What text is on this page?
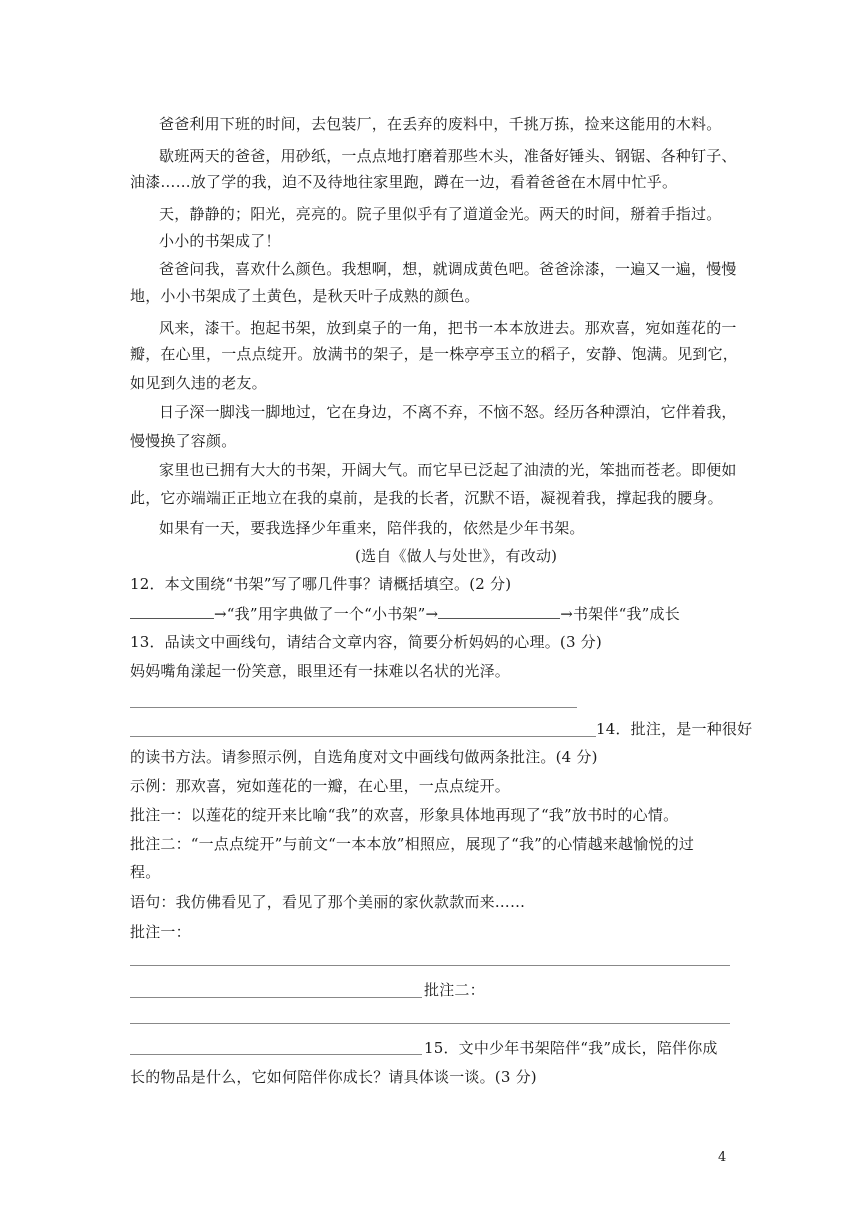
爸爸利用下班的时间，去包装厂，在丢弃的废料中，千挑万拣，捡来这能用的木料。
歇班两天的爸爸，用砂纸，一点点地打磨着那些木头，准备好锤头、钢锯、各种钉子、
油漆……放了学的我，迫不及待地往家里跑，蹲在一边，看着爸爸在木屑中忙乎。
天，静静的；阳光，亮亮的。院子里似乎有了道道金光。两天的时间，掰着手指过。
小小的书架成了！
爸爸问我，喜欢什么颜色。我想啊，想，就调成黄色吧。爸爸涂漆，一遍又一遍，慢慢
地，小小书架成了土黄色，是秋天叶子成熟的颜色。
风来，漆干。抱起书架，放到桌子的一角，把书一本本放进去。那欢喜，宛如莲花的一
瓣，在心里，一点点绽开。放满书的架子，是一株亭亭玉立的稻子，安静、饱满。见到它，
如见到久违的老友。
日子深一脚浅一脚地过，它在身边，不离不弃，不恼不怒。经历各种漂泊，它伴着我，
慢慢换了容颜。
家里也已拥有大大的书架，开阔大气。而它早已泛起了油渍的光，笨拙而苍老。即便如
此，它亦端端正正地立在我的桌前，是我的长者，沉默不语，凝视着我，撑起我的腰身。
如果有一天，要我选择少年重来，陪伴我的，依然是少年书架。
(选自《做人与处世》，有改动)
12．本文围绕“书架”写了哪几件事？请概括填空。(2 分)
→“我”用字典做了一个“小书架”→	→书架伴“我”成长
13．品读文中画线句，请结合文章内容，简要分析妈妈的心理。(3 分)
妈妈嘴角漾起一份笑意，眼里还有一抹难以名状的光泽。
14．批注，是一种很好
的读书方法。请参照示例，自选角度对文中画线句做两条批注。(4 分)
示例：那欢喜，宛如莲花的一瓣，在心里，一点点绽开。
批注一：以莲花的绽开来比喻“我”的欢喜，形象具体地再现了“我”放书时的心情。
批注二：“一点点绽开”与前文“一本本放”相照应，展现了“我”的心情越来越愉悦的过
程。
语句：我仿佛看见了，看见了那个美丽的家伙款款而来……
批注一：
批注二：
15．文中少年书架陪伴“我”成长，陪伴你成
长的物品是什么，它如何陪伴你成长？请具体谈一谈。(3 分)
4
